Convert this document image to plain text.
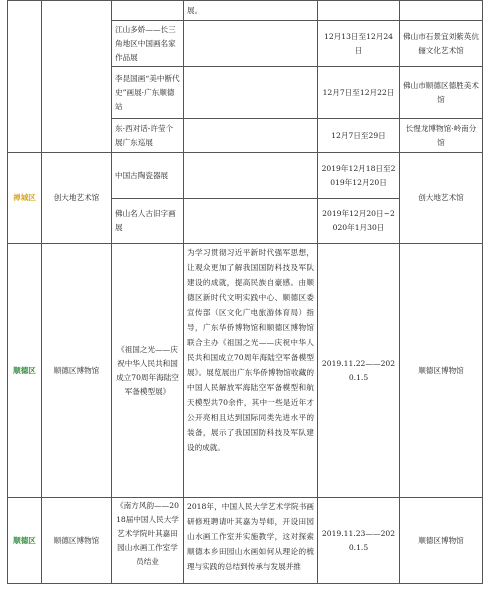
			展。		
		江山多娇——长三角地区中国画名家作品展		12月13日至12月24日	佛山市石景宜刘紫英伉俪文化艺术馆
		李昆国画“美中断代史”画展·广东顺德站		12月7日至12月22日	佛山市顺德区德胜美术馆
		东·西对话-许莹个展广东巡展		12月7日至29日	长惺龙博物馆·岭南分馆
禅城区	创大地艺术馆	中国古陶瓷器展		2019年12月18日至2019年12月20日	创大地艺术馆
		佛山名人古旧字画展		2019年12月20日~2020年1月30日	
顺德区	顺德区博物馆	《祖国之光——庆祝中华人民共和国成立70周年海陆空军备模型展》	为学习贯彻习近平新时代强军思想，让观众更加了解我国国防科技及军队建设的成就，提高民族自豪感。由顺德区新时代文明实践中心、顺德区委宣传部（区文化广电旅游体育局）指导，广东华侨博物馆和顺德区博物馆联合主办《祖国之光——庆祝中华人民共和国成立70周年海陆空军备模型展》。展览展出广东华侨博物馆收藏的中国人民解放军海陆空军备模型和航天模型共70余件，其中一些是近年才公开亮相且达到国际同类先进水平的装备，展示了我国国防科技及军队建设的成就。	2019.11.22——2020.1.5	顺德区博物馆
顺德区	顺德区博物馆	《南方风韵——2018届中国人民大学艺术学院叶其嘉田园山水画工作室学员结业	2018年，中国人民大学艺术学院书画研修班聘请叶其嘉为导师，开设田园山水画工作室并实施教学，这对探索顺德本乡田园山水画如何从理论的梳理与实践的总结到传承与发展并推	2019.11.23——2020.1.5	顺德区博物馆
